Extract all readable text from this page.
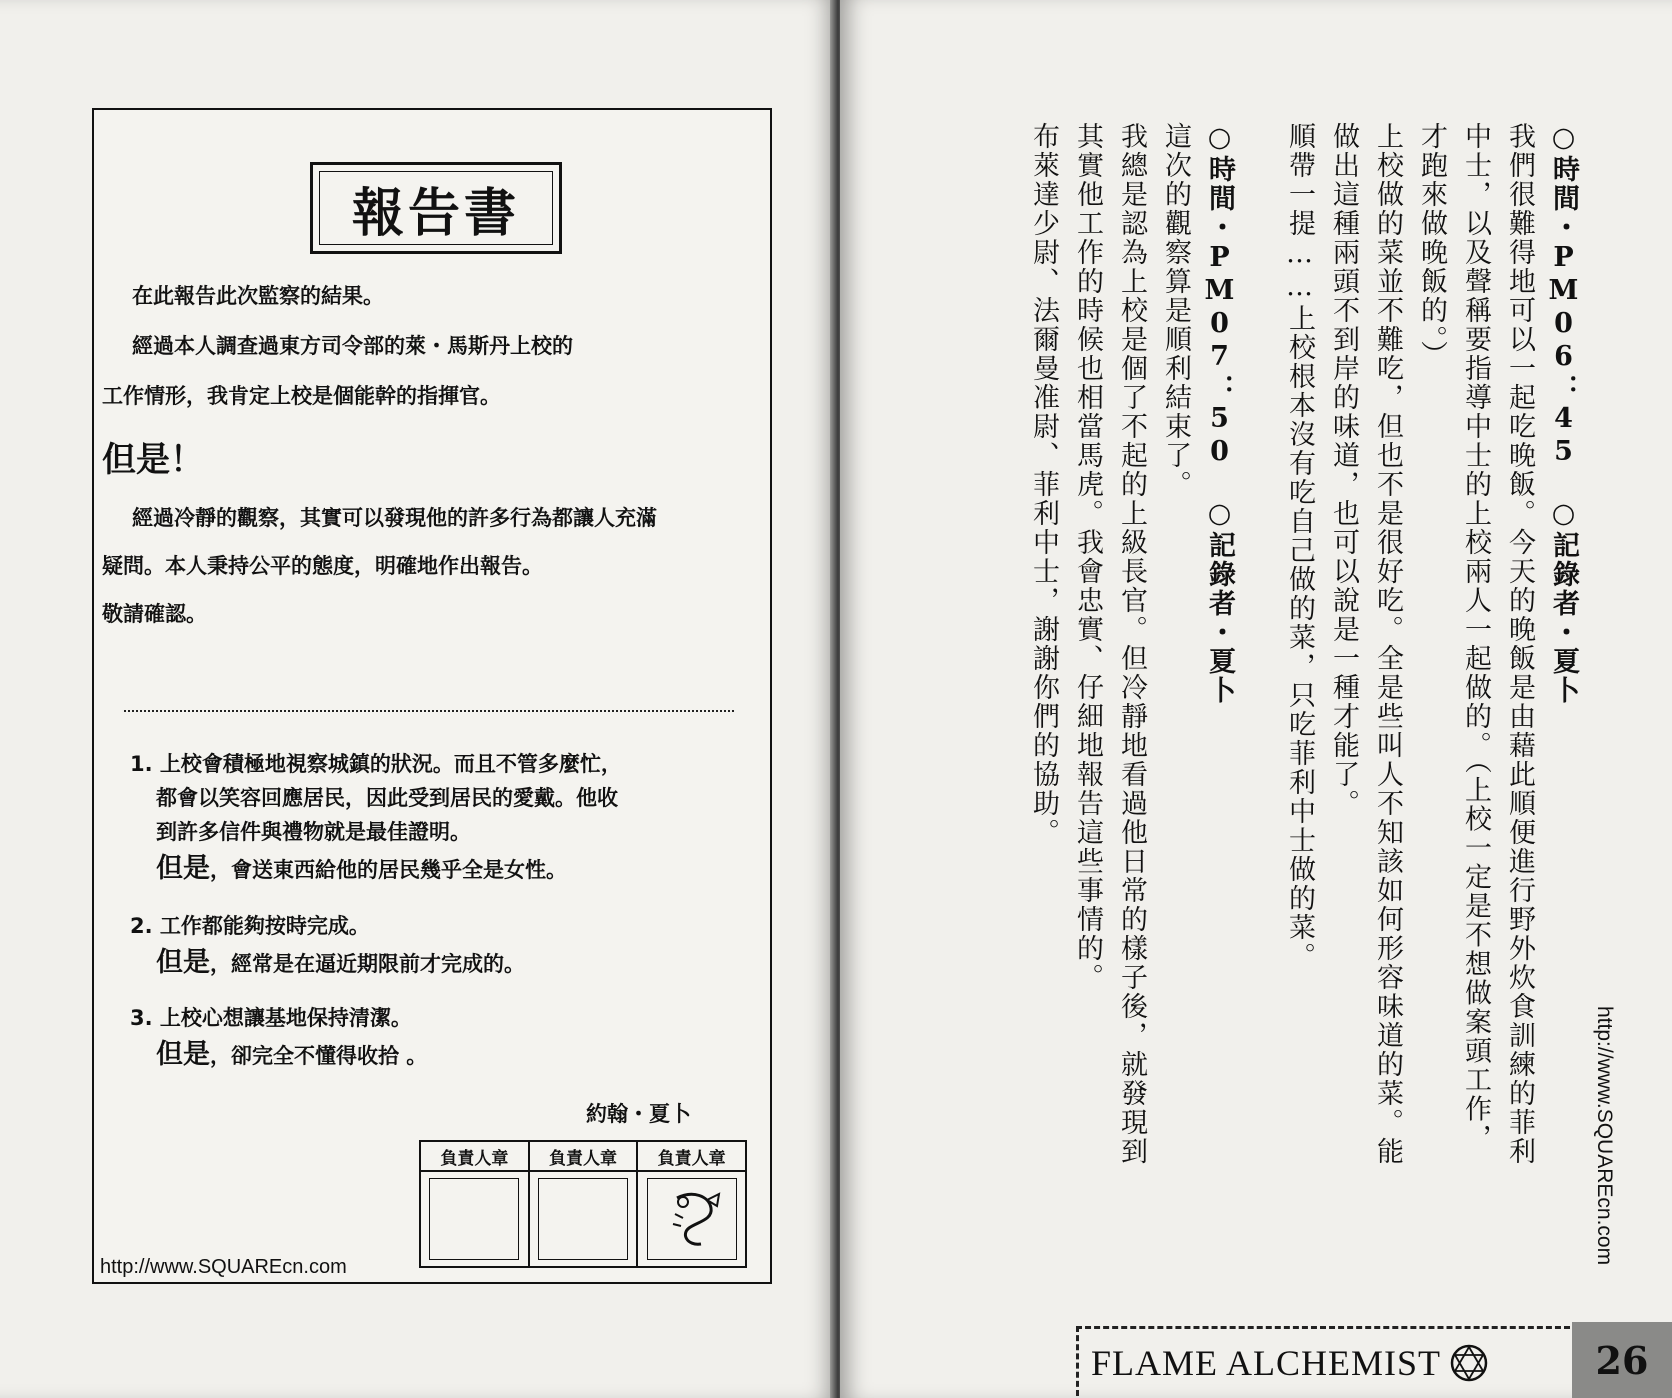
報告書
在此報告此次監察的結果。
經過本人調查過東方司令部的萊・馬斯丹上校的
工作情形，我肯定上校是個能幹的指揮官。
但是！
經過冷靜的觀察，其實可以發現他的許多行為都讓人充滿
疑問。本人秉持公平的態度，明確地作出報告。
敬請確認。
1. 上校會積極地視察城鎮的狀況。而且不管多麼忙，
都會以笑容回應居民，因此受到居民的愛戴。他收
到許多信件與禮物就是最佳證明。
但是，會送東西給他的居民幾乎全是女性。
2. 工作都能夠按時完成。
但是，經常是在逼近期限前才完成的。
3. 上校心想讓基地保持清潔。
但是，卻完全不懂得收拾 。
約翰・夏卜
負責人章	負責人章	負責人章
http://www.SQUAREcn.com
○時間・PM06：45　○記錄者・夏卜
我們很難得地可以一起吃晚飯。今天的晚飯是由藉此順便進行野外炊食訓練的菲利
中士，以及聲稱要指導中士的上校兩人一起做的。（上校一定是不想做案頭工作，
才跑來做晚飯的。）
上校做的菜並不難吃，但也不是很好吃。全是些叫人不知該如何形容味道的菜。能
做出這種兩頭不到岸的味道，也可以說是一種才能了。
順帶一提……上校根本沒有吃自己做的菜，只吃菲利中士做的菜。
○時間・PM07：50　○記錄者・夏卜
這次的觀察算是順利結束了。
我總是認為上校是個了不起的上級長官。但冷靜地看過他日常的樣子後，就發現到
其實他工作的時候也相當馬虎。我會忠實、仔細地報告這些事情的。
布萊達少尉、法爾曼准尉、菲利中士，謝謝你們的協助。
http://www.SQUAREcn.com
FLAME ALCHEMIST	26
